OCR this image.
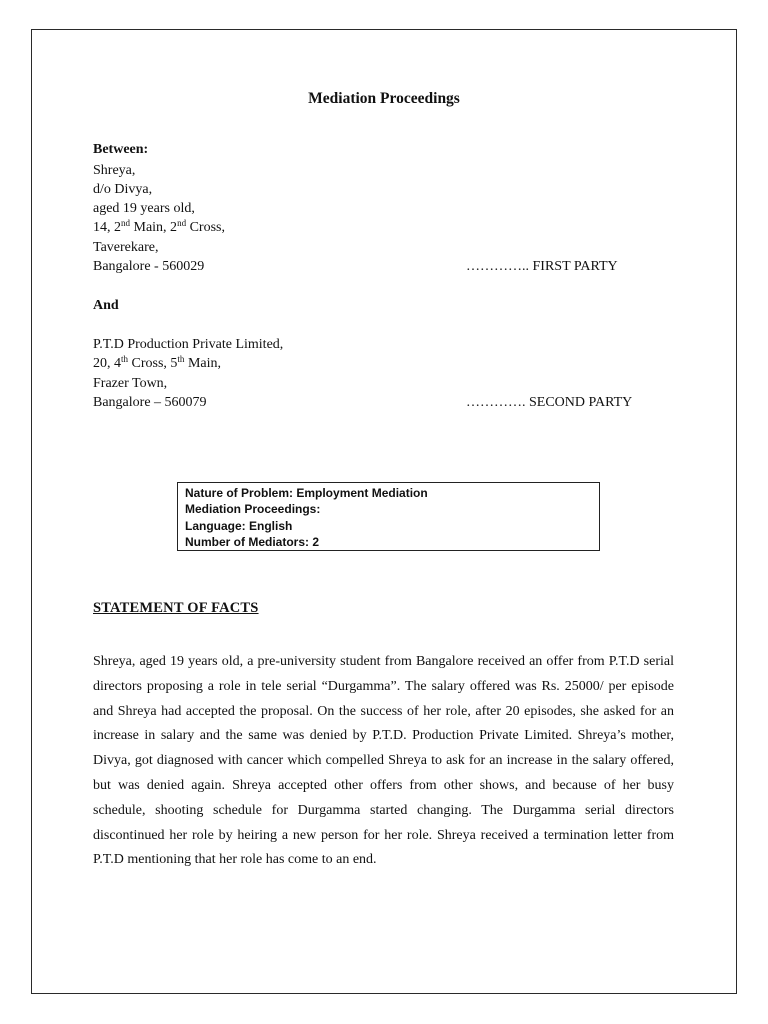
Mediation Proceedings
Between:
Shreya,
d/o Divya,
aged 19 years old,
14, 2nd Main, 2nd Cross,
Taverekare,
Bangalore - 560029	………….. FIRST PARTY
And
P.T.D Production Private Limited,
20, 4th Cross, 5th Main,
Frazer Town,
Bangalore – 560079	…………. SECOND PARTY
Nature of Problem: Employment Mediation
Mediation Proceedings:
Language: English
Number of Mediators: 2
STATEMENT OF FACTS

Shreya, aged 19 years old, a pre-university student from Bangalore received an offer from P.T.D serial directors proposing a role in tele serial “Durgamma”. The salary offered was Rs. 25000/ per episode and Shreya had accepted the proposal. On the success of her role, after 20 episodes, she asked for an increase in salary and the same was denied by P.T.D. Production Private Limited. Shreya’s mother, Divya, got diagnosed with cancer which compelled Shreya to ask for an increase in the salary offered, but was denied again. Shreya accepted other offers from other shows, and because of her busy schedule, shooting schedule for Durgamma started changing. The Durgamma serial directors discontinued her role by heiring a new person for her role. Shreya received a termination letter from P.T.D mentioning that her role has come to an end.
